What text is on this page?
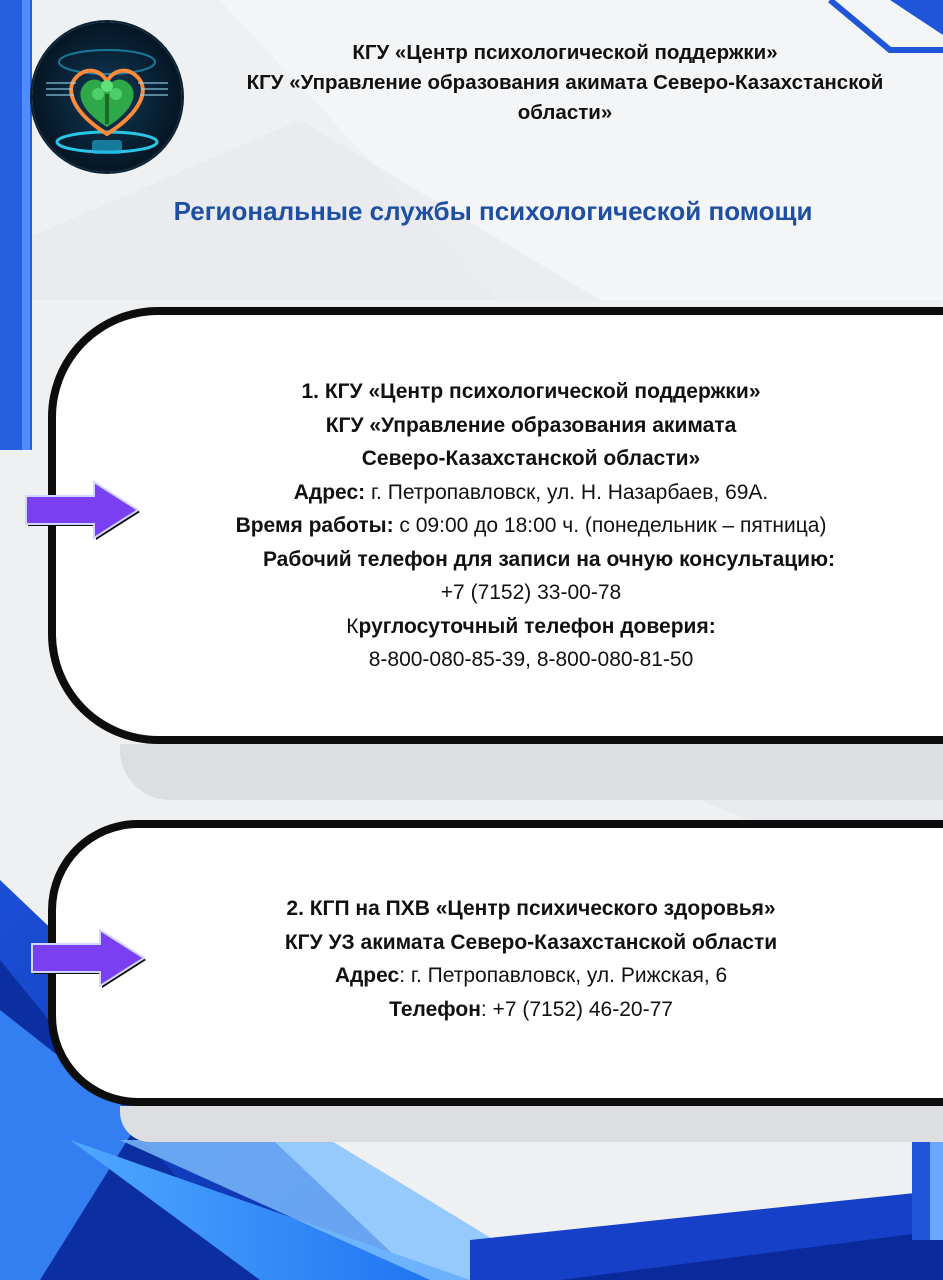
КГУ «Центр психологической поддержки»
КГУ «Управление образования акимата Северо-Казахстанской
области»
Региональные службы психологической помощи
1. КГУ «Центр психологической поддержки»
КГУ «Управление образования акимата
Северо-Казахстанской области»
Адрес: г. Петропавловск, ул. Н. Назарбаев, 69А.
Время работы: с 09:00 до 18:00 ч. (понедельник – пятница)
Рабочий телефон для записи на очную консультацию:
+7 (7152) 33-00-78
Круглосуточный телефон доверия:
8-800-080-85-39, 8-800-080-81-50
2. КГП на ПХВ «Центр психического здоровья»
КГУ УЗ акимата Северо-Казахстанской области
Адрес: г. Петропавловск, ул. Рижская, 6
Телефон: +7 (7152) 46-20-77
